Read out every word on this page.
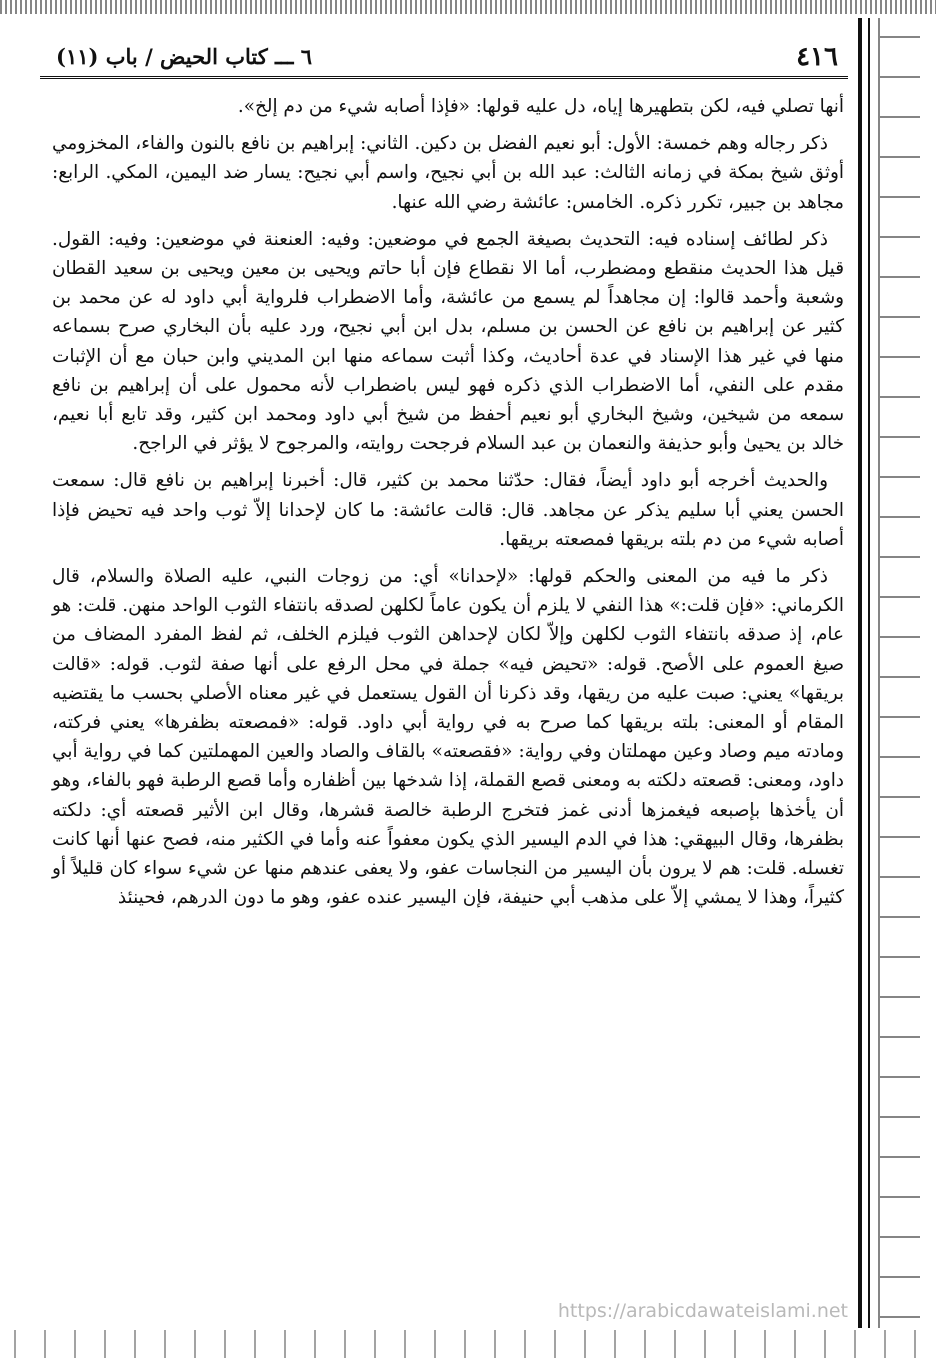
٤١٦
٦ ـــ كتاب الحيض / باب (١١)

أنها تصلي فيه، لكن بتطهيرها إياه، دل عليه قولها: «فإذا أصابه شيء من دم إلخ».

ذكر رجاله وهم خمسة: الأول: أبو نعيم الفضل بن دكين. الثاني: إبراهيم بن نافع بالنون والفاء، المخزومي أوثق شيخ بمكة في زمانه الثالث: عبد الله بن أبي نجيح، واسم أبي نجيح: يسار ضد اليمين، المكي. الرابع: مجاهد بن جبير، تكرر ذكره. الخامس: عائشة رضي الله عنها.

ذكر لطائف إسناده فيه: التحديث بصيغة الجمع في موضعين: وفيه: العنعنة في موضعين: وفيه: القول. قيل هذا الحديث منقطع ومضطرب، أما الا نقطاع فإن أبا حاتم ويحيى بن معين ويحيى بن سعيد القطان وشعبة وأحمد قالوا: إن مجاهداً لم يسمع من عائشة، وأما الاضطراب فلرواية أبي داود له عن محمد بن كثير عن إبراهيم بن نافع عن الحسن بن مسلم، بدل ابن أبي نجيح، ورد عليه بأن البخاري صرح بسماعه منها في غير هذا الإسناد في عدة أحاديث، وكذا أثبت سماعه منها ابن المديني وابن حبان مع أن الإثبات مقدم على النفي، أما الاضطراب الذي ذكره فهو ليس باضطراب لأنه محمول على أن إبراهيم بن نافع سمعه من شيخين، وشيخ البخاري أبو نعيم أحفظ من شيخ أبي داود ومحمد ابن كثير، وقد تابع أبا نعيم، خالد بن يحيىٰ وأبو حذيفة والنعمان بن عبد السلام فرجحت روايته، والمرجوح لا يؤثر في الراجح.

والحديث أخرجه أبو داود أيضاً، فقال: حدّثنا محمد بن كثير، قال: أخبرنا إبراهيم بن نافع قال: سمعت الحسن يعني أبا سليم يذكر عن مجاهد. قال: قالت عائشة: ما كان لإحدانا إلاّ ثوب واحد فيه تحيض فإذا أصابه شيء من دم بلته بريقها فمصعته بريقها.

ذكر ما فيه من المعنى والحكم قولها: «لإحدانا» أي: من زوجات النبي، عليه الصلاة والسلام، قال الكرماني: «فإن قلت:» هذا النفي لا يلزم أن يكون عاماً لكلهن لصدقه بانتفاء الثوب الواحد منهن. قلت: هو عام، إذ صدقه بانتفاء الثوب لكلهن وإلاّ لكان لإحداهن الثوب فيلزم الخلف، ثم لفظ المفرد المضاف من صيغ العموم على الأصح. قوله: «تحيض فيه» جملة في محل الرفع على أنها صفة لثوب. قوله: «قالت بريقها» يعني: صبت عليه من ريقها، وقد ذكرنا أن القول يستعمل في غير معناه الأصلي بحسب ما يقتضيه المقام أو المعنى: بلته بريقها كما صرح به في رواية أبي داود. قوله: «فمصعته بظفرها» يعني فركته، ومادته ميم وصاد وعين مهملتان وفي رواية: «فقصعته» بالقاف والصاد والعين المهملتين كما في رواية أبي داود، ومعنى: قصعته دلكته به ومعنى قصع القملة، إذا شدخها بين أظفاره وأما قصع الرطبة فهو بالفاء، وهو أن يأخذها بإصبعه فيغمزها أدنى غمز فتخرج الرطبة خالصة قشرها، وقال ابن الأثير قصعته أي: دلكته بظفرها، وقال البيهقي: هذا في الدم اليسير الذي يكون معفواً عنه وأما في الكثير منه، فصح عنها أنها كانت تغسله. قلت: هم لا يرون بأن اليسير من النجاسات عفو، ولا يعفى عندهم منها عن شيء سواء كان قليلاً أو كثيراً، وهذا لا يمشي إلاّ على مذهب أبي حنيفة، فإن اليسير عنده عفو، وهو ما دون الدرهم، فحينئذ

https://arabicdawateislami.net
